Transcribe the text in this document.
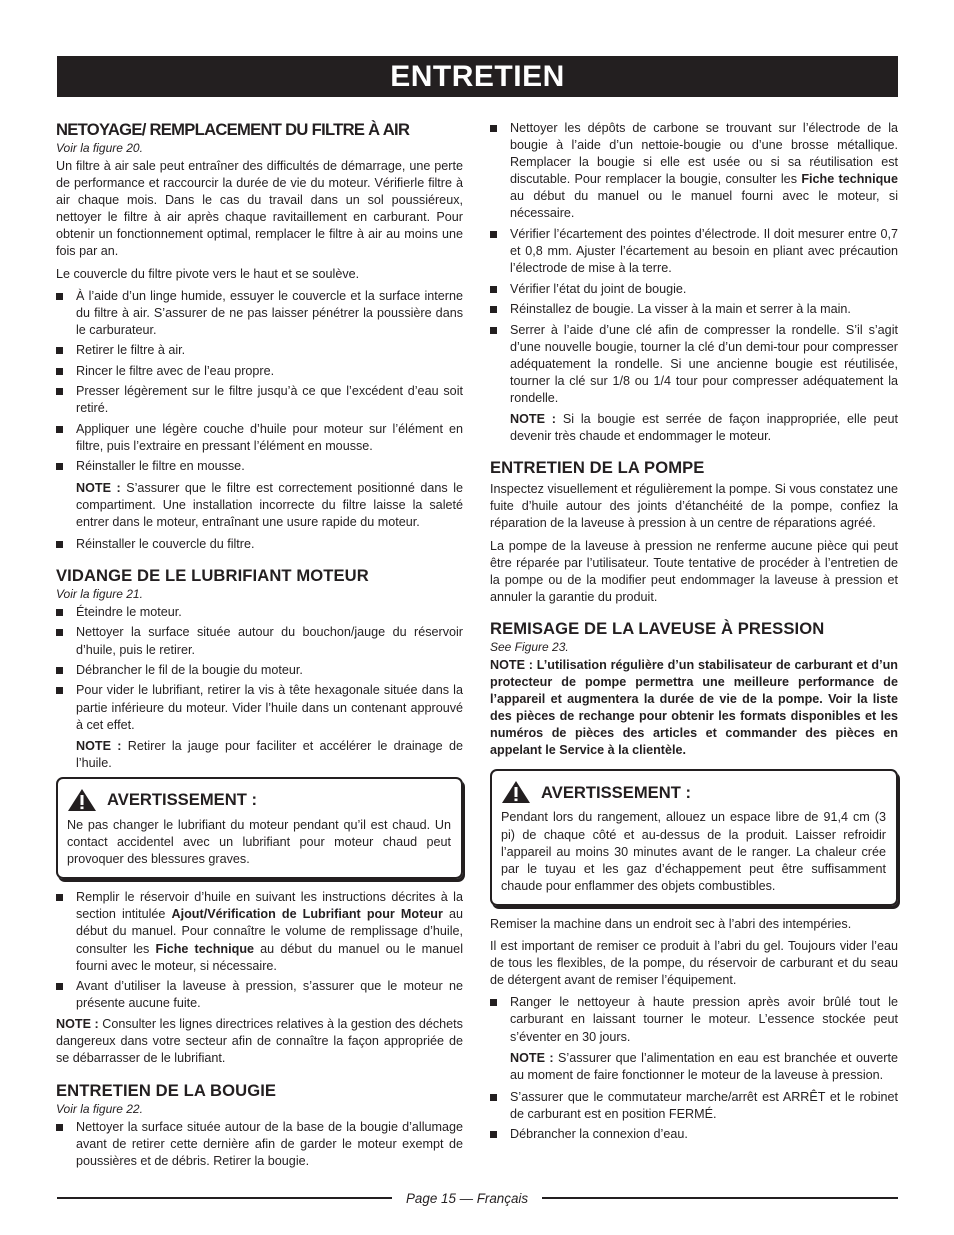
ENTRETIEN
NETOYAGE/ REMPLACEMENT DU FILTRE À AIR
Voir la figure 20.

Un filtre à air sale peut entraîner des difficultés de démarrage, une perte de performance et raccourcir la durée de vie du moteur. Vérifierle filtre à air chaque mois. Dans le cas du travail dans un sol poussiéreux, nettoyer le filtre à air après chaque ravitaillement en carburant. Pour obtenir un fonctionnement optimal, remplacer le filtre à air au moins une fois par an.

Le couvercle du filtre pivote vers le haut et se soulève.

À l’aide d’un linge humide, essuyer le couvercle et la surface interne du filtre à air. S’assurer de ne pas laisser pénétrer la poussière dans le carburateur.
Retirer le filtre à air.
Rincer le filtre avec de l’eau propre.
Presser légèrement sur le filtre jusqu’à ce que l’excédent d’eau soit retiré.
Appliquer une légère couche d’huile pour moteur sur l’élément en filtre, puis l’extraire en pressant l’élément en mousse.
Réinstaller le filtre en mousse.

NOTE : S’assurer que le filtre est correctement positionné dans le compartiment. Une installation incorrecte du filtre laisse la saleté entrer dans le moteur, entraînant une usure rapide du moteur.

Réinstaller le couvercle du filtre.
VIDANGE DE LE LUBRIFIANT MOTEUR
Voir la figure 21.
Éteindre le moteur.
Nettoyer la surface située autour du bouchon/jauge du réservoir d’huile, puis le retirer.
Débrancher le fil de la bougie du moteur.
Pour vider le lubrifiant, retirer la vis à tête hexagonale située dans la partie inférieure du moteur. Vider l’huile dans un contenant approuvé à cet effet.

NOTE : Retirer la jauge pour faciliter et accélérer le drainage de l’huile.

AVERTISSEMENT :
Ne pas changer le lubrifiant du moteur pendant qu’il est chaud. Un contact accidentel avec un lubrifiant pour moteur chaud peut provoquer des blessures graves.
Remplir le réservoir d’huile en suivant les instructions décrites à la section intitulée Ajout/Vérification de Lubrifiant pour Moteur au début du manuel. Pour connaître le volume de remplissage d’huile, consulter les Fiche technique au début du manuel ou le manuel fourni avec le moteur, si nécessaire.
Avant d’utiliser la laveuse à pression, s’assurer que le moteur ne présente aucune fuite.

NOTE : Consulter les lignes directrices relatives à la gestion des déchets dangereux dans votre secteur afin de connaître la façon appropriée de se débarrasser de le lubrifiant.

ENTRETIEN DE LA BOUGIE
Voir la figure 22.
Nettoyer la surface située autour de la base de la bougie d’allumage avant de retirer cette dernière afin de garder le moteur exempt de poussières et de débris. Retirer la bougie.
Nettoyer les dépôts de carbone se trouvant sur l’électrode de la bougie à l’aide d’un nettoie-bougie ou d’une brosse métallique. Remplacer la bougie si elle est usée ou si sa réutilisation est discutable. Pour remplacer la bougie, consulter les Fiche technique au début du manuel ou le manuel fourni avec le moteur, si nécessaire.
Vérifier l’écartement des pointes d’électrode. Il doit mesurer entre 0,7 et 0,8 mm. Ajuster l’écartement au besoin en pliant avec précaution l’électrode de mise à la terre.
Vérifier l’état du joint de bougie.
Réinstallez de bougie. La visser à la main et serrer à la main.
Serrer à l’aide d’une clé afin de compresser la rondelle. S’il s’agit d’une nouvelle bougie, tourner la clé d’un demi-tour pour compresser adéquatement la rondelle. Si une ancienne bougie est réutilisée, tourner la clé sur 1/8 ou 1/4 tour pour compresser adéquatement la rondelle.

NOTE : Si la bougie est serrée de façon inappropriée, elle peut devenir très chaude et endommager le moteur.

ENTRETIEN DE LA POMPE

Inspectez visuellement et régulièrement la pompe. Si vous constatez une fuite d’huile autour des joints d’étanchéité de la pompe, confiez la réparation de la laveuse à pression à un centre de réparations agréé.

La pompe de la laveuse à pression ne renferme aucune pièce qui peut être réparée par l’utilisateur. Toute tentative de procéder à l’entretien de la pompe ou de la modifier peut endommager la laveuse à pression et annuler la garantie du produit.

REMISAGE DE LA LAVEUSE À PRESSION
See Figure 23.

NOTE : L’utilisation régulière d’un stabilisateur de carburant et d’un protecteur de pompe permettra une meilleure performance de l’appareil et augmentera la durée de vie de la pompe. Voir la liste des pièces de rechange pour obtenir les formats disponibles et les numéros de pièces des articles et commander des pièces en appelant le Service à la clientèle.

AVERTISSEMENT :
Pendant lors du rangement, allouez un espace libre de 91,4 cm (3 pi) de chaque côté et au-dessus de la produit. Laisser refroidir l’appareil au moins 30 minutes avant de le ranger. La chaleur crée par le tuyau et les gaz d’échappement peut être suffisamment chaude pour enflammer des objets combustibles.

Remiser la machine dans un endroit sec à l’abri des intempéries.

Il est important de remiser ce produit à l’abri du gel. Toujours vider l’eau de tous les flexibles, de la pompe, du réservoir de carburant et du seau de détergent avant de remiser l’équipement.

Ranger le nettoyeur à haute pression après avoir brûlé tout le carburant en laissant tourner le moteur. L’essence stockée peut s’éventer en 30 jours.

NOTE : S’assurer que l’alimentation en eau est branchée et ouverte au moment de faire fonctionner le moteur de la laveuse à pression.

S’assurer que le commutateur marche/arrêt est ARRÊT et le robinet de carburant est en position FERMÉ.
Débrancher la connexion d’eau.
Page 15 — Français
